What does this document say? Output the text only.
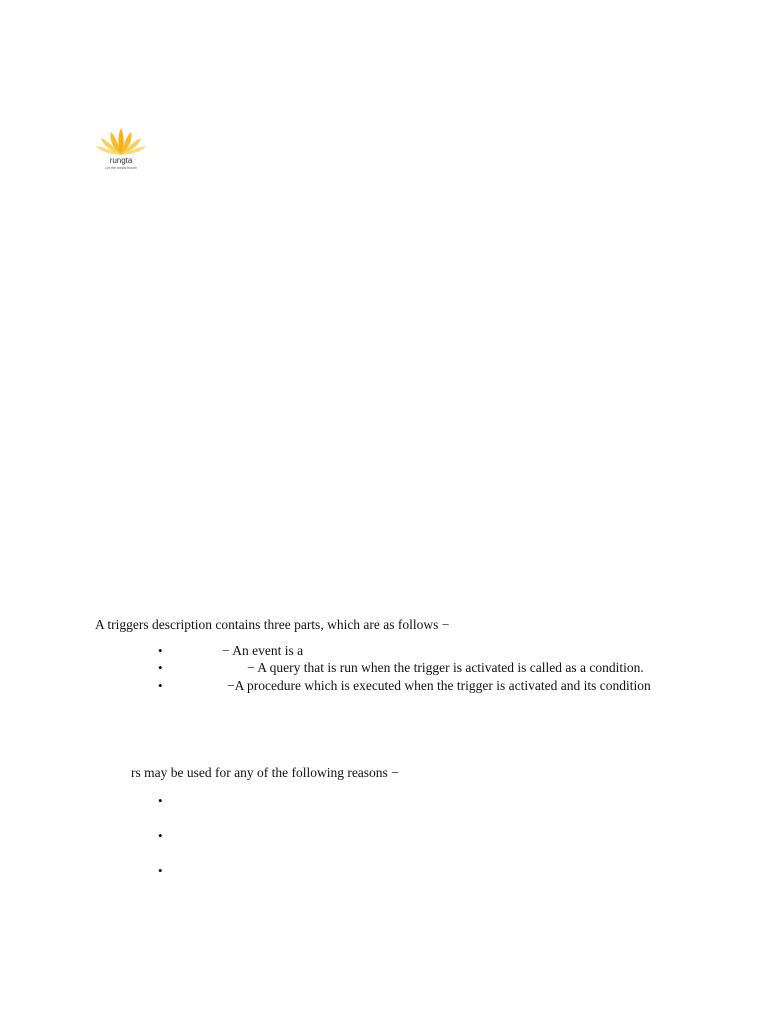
rungta
Let the minds bloom
A triggers description contains three parts, which are as follows −
•	− An event is a
•	− A query that is run when the trigger is activated is called as a condition.
•	−A procedure which is executed when the trigger is activated and its condition
rs may be used for any of the following reasons −
•
•
•
